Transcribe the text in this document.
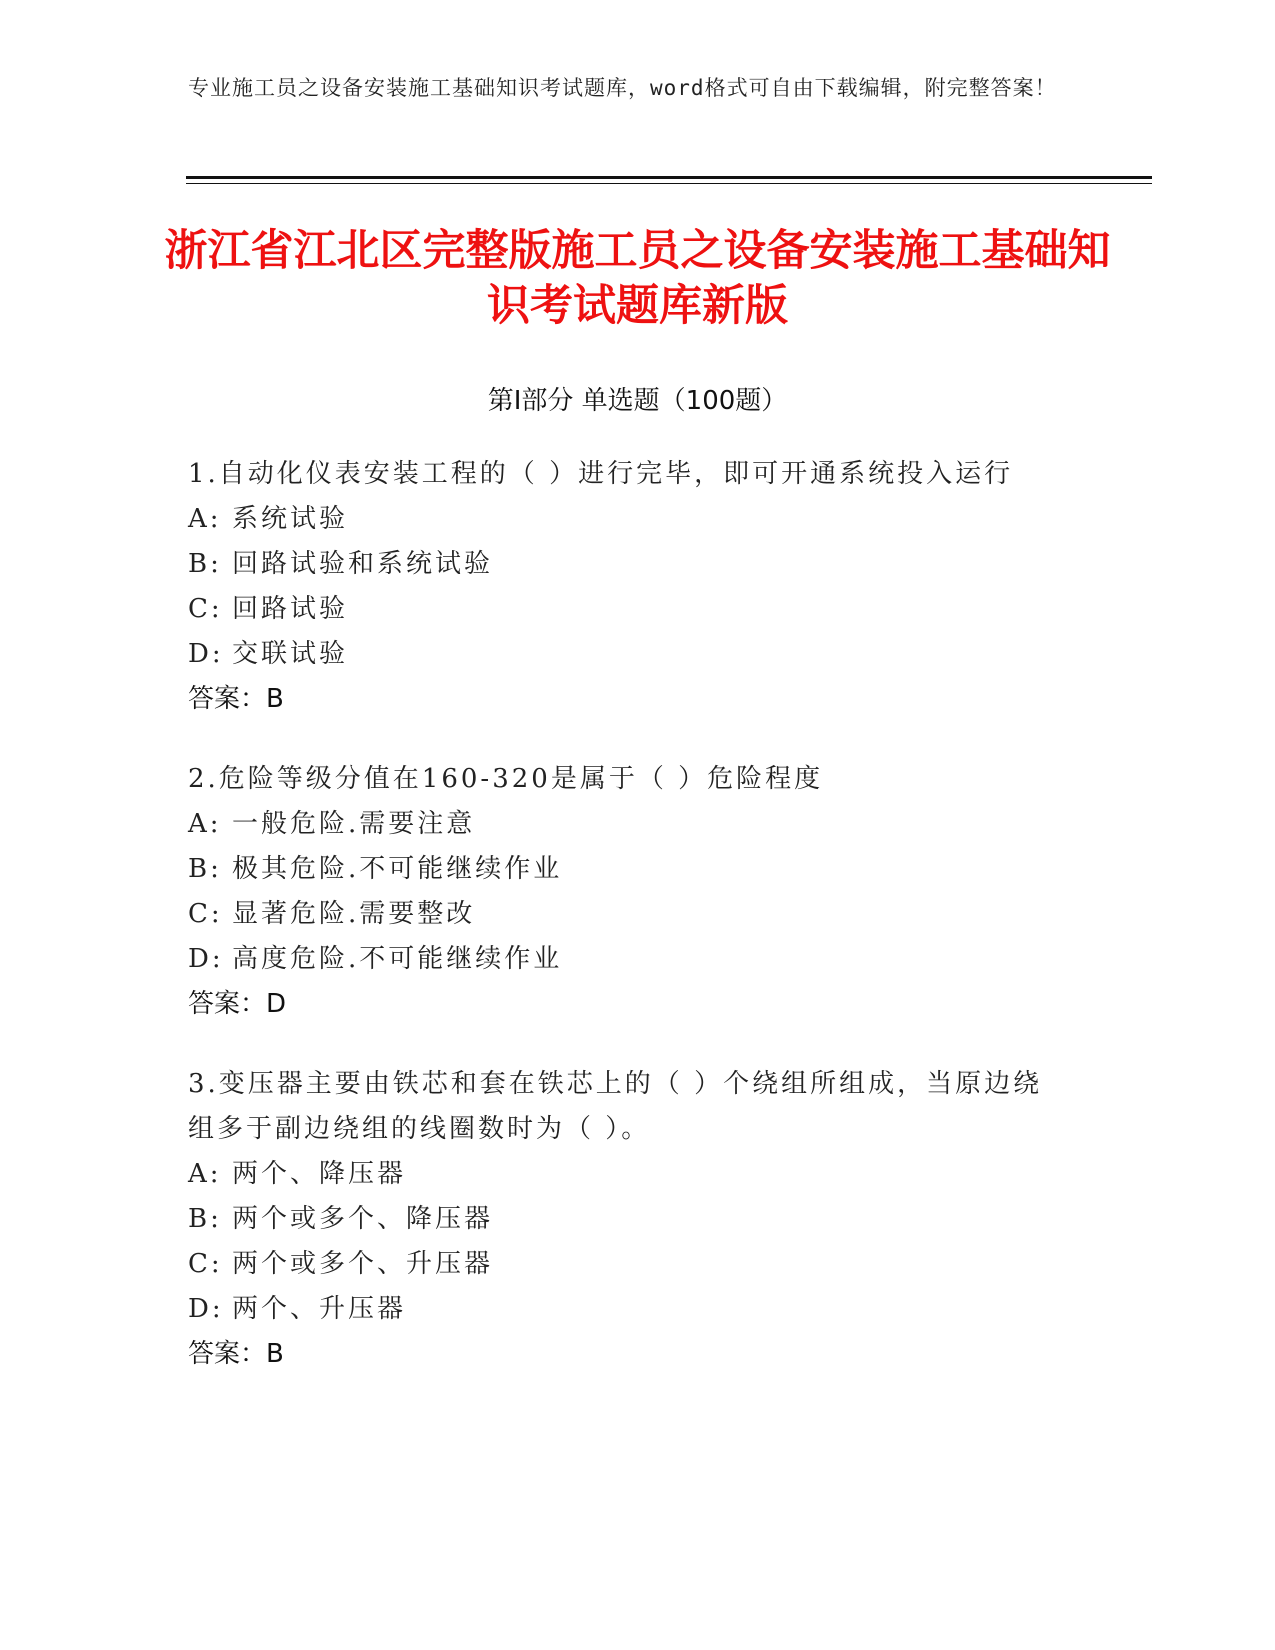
专业施工员之设备安装施工基础知识考试题库，word格式可自由下载编辑，附完整答案！
浙江省江北区完整版施工员之设备安装施工基础知识考试题库新版
第Ⅰ部分 单选题（100题）
1.自动化仪表安装工程的（ ）进行完毕，即可开通系统投入运行
A: 系统试验
B: 回路试验和系统试验
C: 回路试验
D: 交联试验
答案：B
2.危险等级分值在160-320是属于（ ）危险程度
A: 一般危险.需要注意
B: 极其危险.不可能继续作业
C: 显著危险.需要整改
D: 高度危险.不可能继续作业
答案：D
3.变压器主要由铁芯和套在铁芯上的（ ）个绕组所组成，当原边绕组多于副边绕组的线圈数时为（ ）。
A: 两个、降压器
B: 两个或多个、降压器
C: 两个或多个、升压器
D: 两个、升压器
答案：B
